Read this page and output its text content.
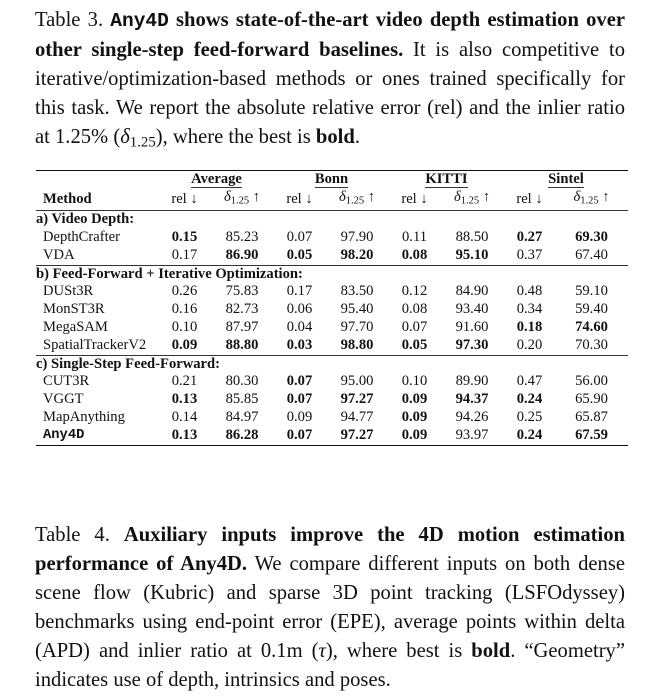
Table 3. Any4D shows state-of-the-art video depth estimation over other single-step feed-forward baselines. It is also competitive to iterative/optimization-based methods or ones trained specifically for this task. We report the absolute relative error (rel) and the inlier ratio at 1.25% $(\delta_{1.25})$, where the best is bold.

	Average		Bonn		KITTI		Sintel	
Method	rel ↓	$\delta_{1.25}$ ↑	rel ↓	$\delta_{1.25}$ ↑	rel ↓	$\delta_{1.25}$ ↑	rel ↓	$\delta_{1.25}$ ↑
a) Video Depth:								
DepthCrafter	0.15	85.23	0.07	97.90	0.11	88.50	0.27	69.30
VDA	0.17	86.90	0.05	98.20	0.08	95.10	0.37	67.40
b) Feed-Forward + Iterative Optimization:								
DUSt3R	0.26	75.83	0.17	83.50	0.12	84.90	0.48	59.10
MonST3R	0.16	82.73	0.06	95.40	0.08	93.40	0.34	59.40
MegaSAM	0.10	87.97	0.04	97.70	0.07	91.60	0.18	74.60
SpatialTrackerV2	0.09	88.80	0.03	98.80	0.05	97.30	0.20	70.30
c) Single-Step Feed-Forward:								
CUT3R	0.21	80.30	0.07	95.00	0.10	89.90	0.47	56.00
VGGT	0.13	85.85	0.07	97.27	0.09	94.37	0.24	65.90
MapAnything	0.14	84.97	0.09	94.77	0.09	94.26	0.25	65.87
Any4D	0.13	86.28	0.07	97.27	0.09	93.97	0.24	67.59

Table 4. Auxiliary inputs improve the 4D motion estimation performance of Any4D. We compare different inputs on both dense scene flow (Kubric) and sparse 3D point tracking (LSFOdyssey) benchmarks using end-point error (EPE), average points within delta (APD) and inlier ratio at 0.1m (τ), where best is bold. “Geometry” indicates use of depth, intrinsics and poses.
